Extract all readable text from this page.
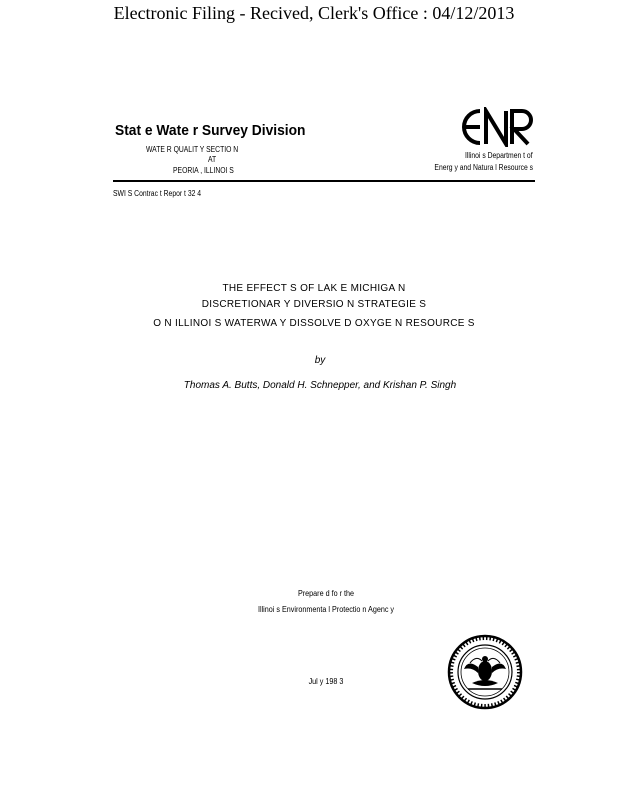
Electronic Filing - Recived, Clerk's Office : 04/12/2013
Stat e Wate r Survey Division
WATE R QUALIT Y SECTIO N
AT
PEORIA , ILLINOI S
Illinoi s Departmen t of
Energ y and Natura l Resource s
SWI S Contrac t Repor t 32 4
THE EFFECT S OF LAK E MICHIGA N
DISCRETIONAR Y DIVERSIO N STRATEGIE S
O N ILLINOI S WATERWA Y DISSOLVE D OXYGE N RESOURCE S
by
Thomas A. Butts, Donald H. Schnepper, and Krishan P. Singh
Prepare d fo r the
Illinoi s Environmenta l Protectio n Agenc y
Jul y 198 3
